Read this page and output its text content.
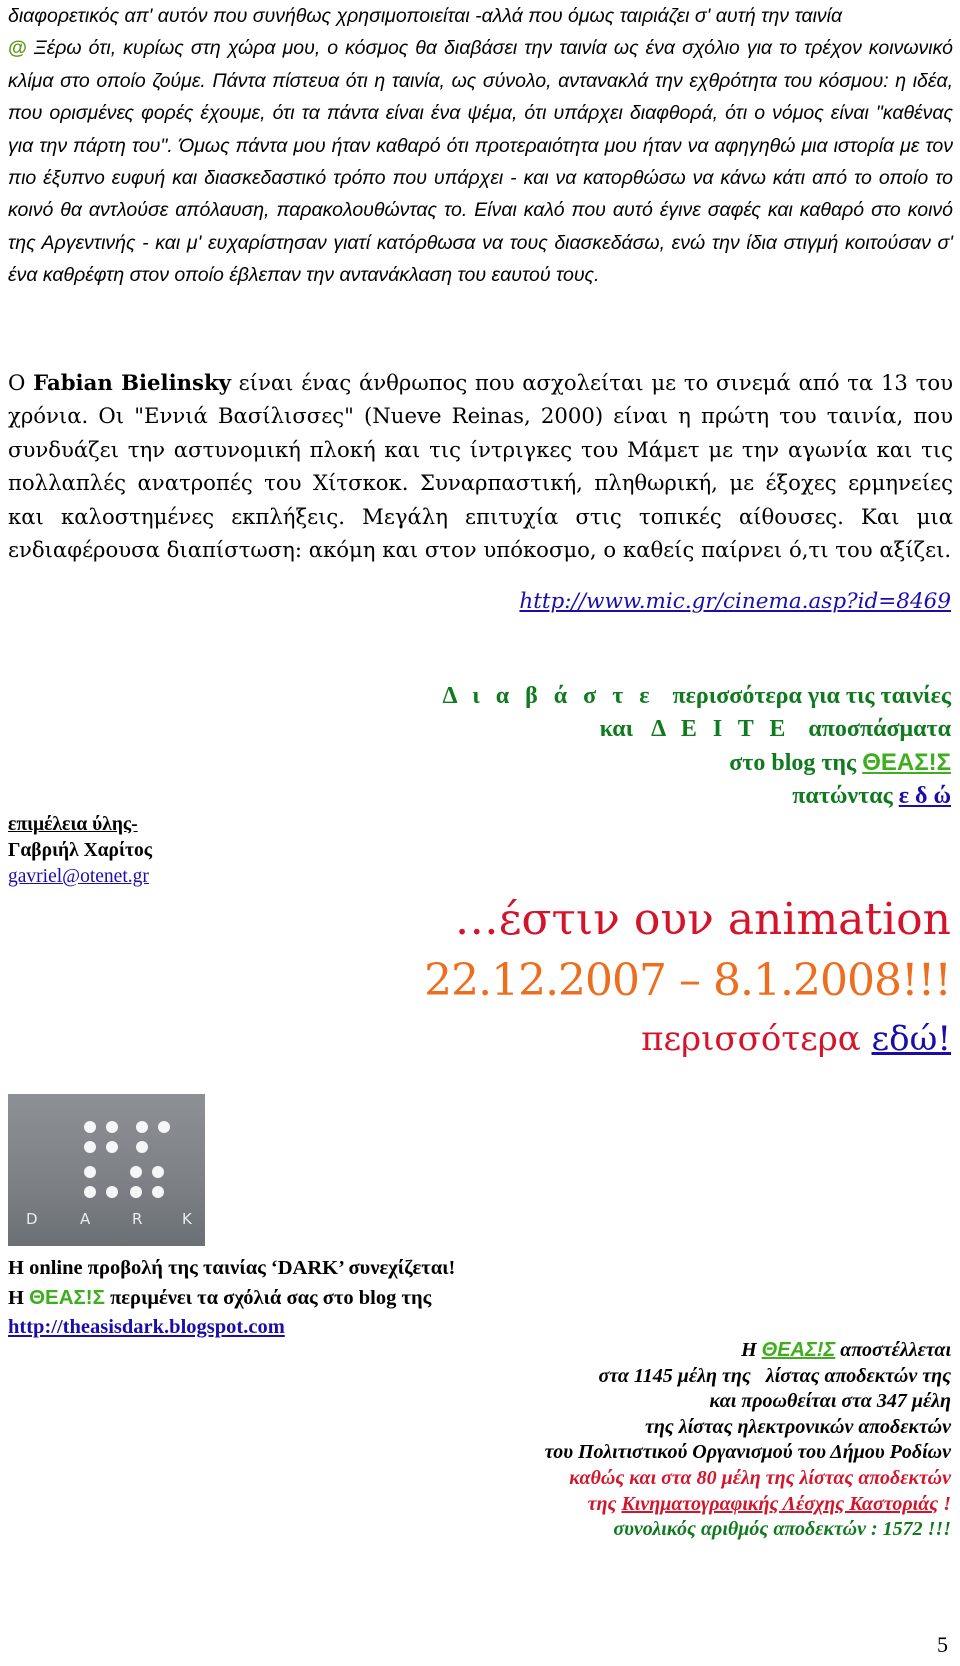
διαφορετικός απ' αυτόν που συνήθως χρησιμοποιείται -αλλά που όμως ταιριάζει σ' αυτή την ταινία

@ Ξέρω ότι, κυρίως στη χώρα μου, ο κόσμος θα διαβάσει την ταινία ως ένα σχόλιο για το τρέχον κοινωνικό κλίμα στο οποίο ζούμε. Πάντα πίστευα ότι η ταινία, ως σύνολο, αντανακλά την εχθρότητα του κόσμου: η ιδέα, που ορισμένες φορές έχουμε, ότι τα πάντα είναι ένα ψέμα, ότι υπάρχει διαφθορά, ότι ο νόμος είναι "καθένας για την πάρτη του". Όμως πάντα μου ήταν καθαρό ότι προτεραιότητα μου ήταν να αφηγηθώ μια ιστορία με τον πιο έξυπνο ευφυή και διασκεδαστικό τρόπο που υπάρχει - και να κατορθώσω να κάνω κάτι από το οποίο το κοινό θα αντλούσε απόλαυση, παρακολουθώντας το. Είναι καλό που αυτό έγινε σαφές και καθαρό στο κοινό της Αργεντινής - και μ' ευχαρίστησαν γιατί κατόρθωσα να τους διασκεδάσω, ενώ την ίδια στιγμή κοιτούσαν σ' ένα καθρέφτη στον οποίο έβλεπαν την αντανάκλαση του εαυτού τους.

Ο Fabian Bielinsky είναι ένας άνθρωπος που ασχολείται με το σινεμά από τα 13 του χρόνια. Οι "Εννιά Βασίλισσες" (Nueve Reinas, 2000) είναι η πρώτη του ταινία, που συνδυάζει την αστυνομική πλοκή και τις ίντριγκες του Μάμετ με την αγωνία και τις πολλαπλές ανατροπές του Χίτσκοκ. Συναρπαστική, πληθωρική, με έξοχες ερμηνείες και καλοστημένες εκπλήξεις. Μεγάλη επιτυχία στις τοπικές αίθουσες. Και μια ενδιαφέρουσα διαπίστωση: ακόμη και στον υπόκοσμο, ο καθείς παίρνει ό,τι του αξίζει.

http://www.mic.gr/cinema.asp?id=8469
Δ ι α β ά σ τ ε   περισσότερα για τις ταινίες
και   Δ Ε Ι Τ Ε   αποσπάσματα
στο blog της ΘΕΑΣ!Σ
πατώντας ε δ ώ
επιμέλεια ύλης-
Γαβριήλ Χαρίτος
gavriel@otenet.gr
…έστιν ουν animation
22.12.2007 – 8.1.2008!!!
περισσότερα εδώ!
D	A	R	K
Η online προβολή της ταινίας ‘DARK’ συνεχίζεται!
Η ΘΕΑΣ!Σ περιμένει τα σχόλιά σας στο blog της
http://theasisdark.blogspot.com
Η ΘΕΑΣ!Σ αποστέλλεται
στα 1145 μέλη της   λίστας αποδεκτών της
και προωθείται στα 347 μέλη
της λίστας ηλεκτρονικών αποδεκτών
του Πολιτιστικού Οργανισμού του Δήμου Ροδίων
καθώς και στα 80 μέλη της λίστας αποδεκτών
της Κινηματογραφικής Λέσχης Καστοριάς !
συνολικός αριθμός αποδεκτών : 1572 !!!
5
